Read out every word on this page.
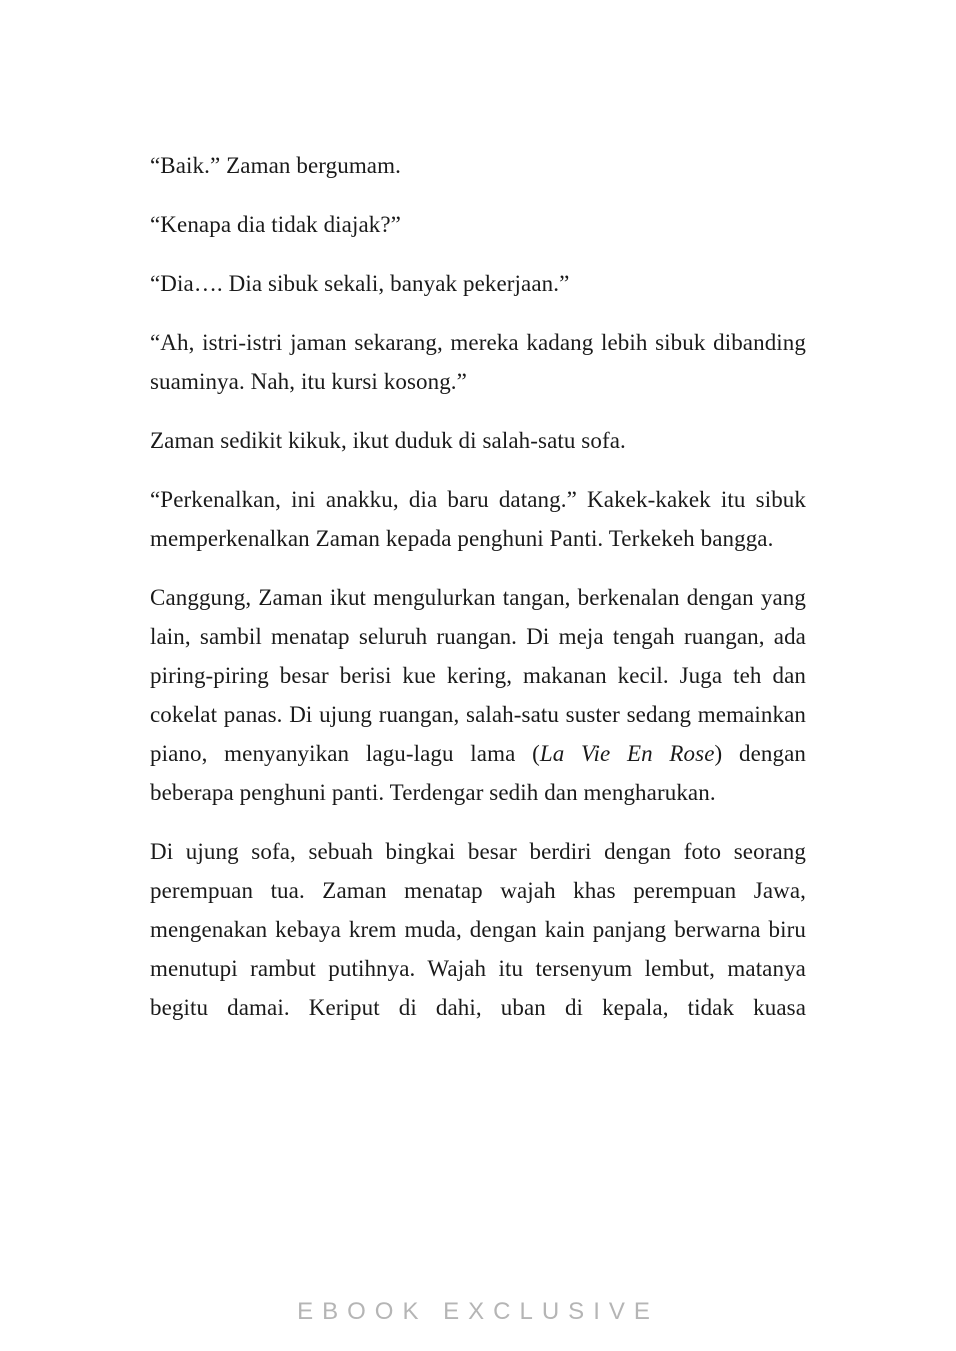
“Baik.” Zaman bergumam.

“Kenapa dia tidak diajak?”

“Dia…. Dia sibuk sekali, banyak pekerjaan.”

“Ah, istri-istri jaman sekarang, mereka kadang lebih sibuk dibanding suaminya. Nah, itu kursi kosong.”

Zaman sedikit kikuk, ikut duduk di salah-satu sofa.

“Perkenalkan, ini anakku, dia baru datang.” Kakek-kakek itu sibuk memperkenalkan Zaman kepada penghuni Panti. Terkekeh bangga.

Canggung, Zaman ikut mengulurkan tangan, berkenalan dengan yang lain, sambil menatap seluruh ruangan. Di meja tengah ruangan, ada piring-piring besar berisi kue kering, makanan kecil. Juga teh dan cokelat panas. Di ujung ruangan, salah-satu suster sedang memainkan piano, menyanyikan lagu-lagu lama (La Vie En Rose) dengan beberapa penghuni panti. Terdengar sedih dan mengharukan.

Di ujung sofa, sebuah bingkai besar berdiri dengan foto seorang perempuan tua. Zaman menatap wajah khas perempuan Jawa, mengenakan kebaya krem muda, dengan kain panjang berwarna biru menutupi rambut putihnya. Wajah itu tersenyum lembut, matanya begitu damai. Keriput di dahi, uban di kepala, tidak kuasa

EBOOK EXCLUSIVE
